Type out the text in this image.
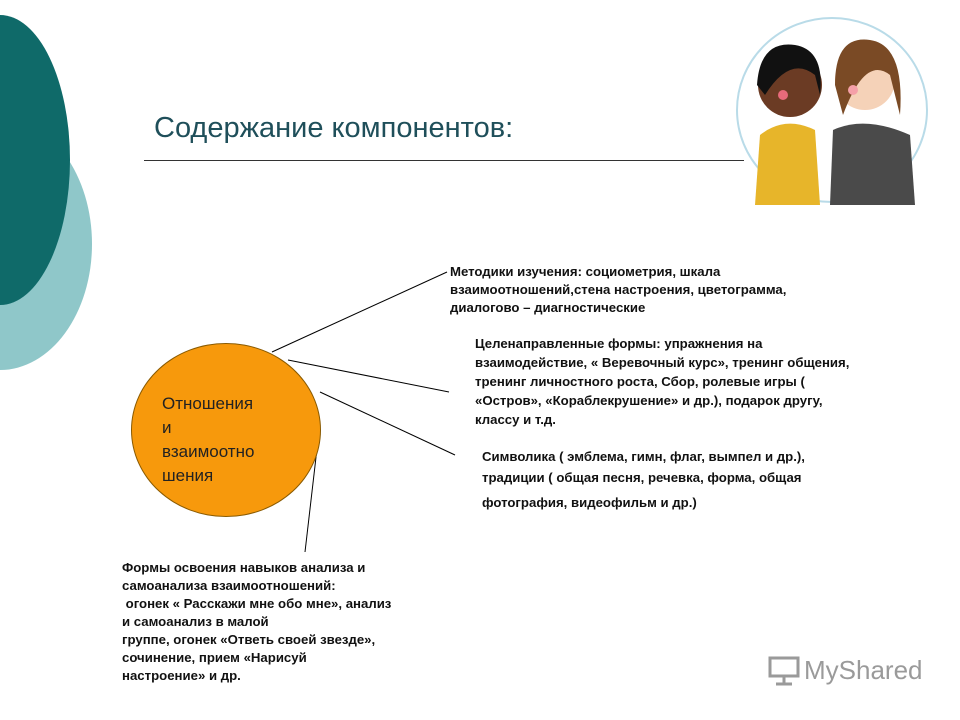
Содержание компонентов:
Отношения
и
взаимоотно
шения
Методики изучения: социометрия, шкала
взаимоотношений,стена настроения, цветограмма,
диалогово – диагностические
Целенаправленные формы: упражнения на
взаимодействие, « Веревочный курс», тренинг общения,
тренинг личностного роста, Сбор, ролевые игры (
«Остров», «Кораблекрушение» и др.), подарок другу,
классу и т.д.
Символика ( эмблема, гимн, флаг, вымпел и др.),
традиции ( общая песня, речевка, форма, общая
фотография, видеофильм и др.)
Формы освоения навыков анализа и
самоанализа взаимоотношений:
огонек « Расскажи мне обо мне», анализ
и самоанализ в малой
группе, огонек «Ответь своей звезде»,
сочинение, прием «Нарисуй
настроение» и др.	MyShared
